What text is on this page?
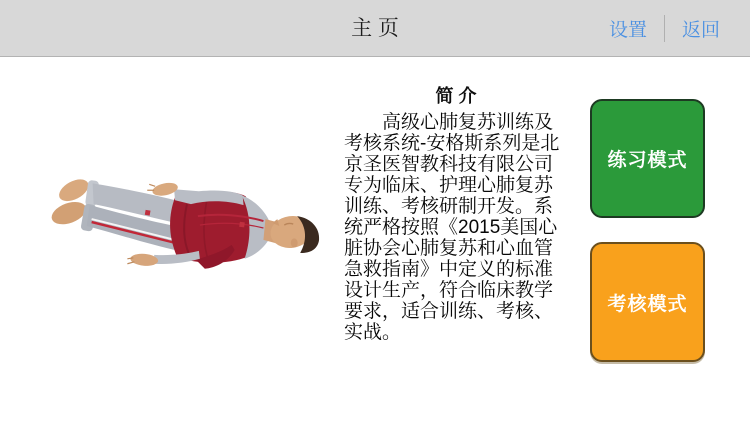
主 页	设置 返回
简 介
高级心肺复苏训练及考核系统-安格斯系列是北京圣医智教科技有限公司专为临床、护理心肺复苏训练、考核研制开发。系统严格按照《2015美国心脏协会心肺复苏和心血管急救指南》中定义的标准设计生产，符合临床教学要求，适合训练、考核、实战。
练习模式
考核模式
